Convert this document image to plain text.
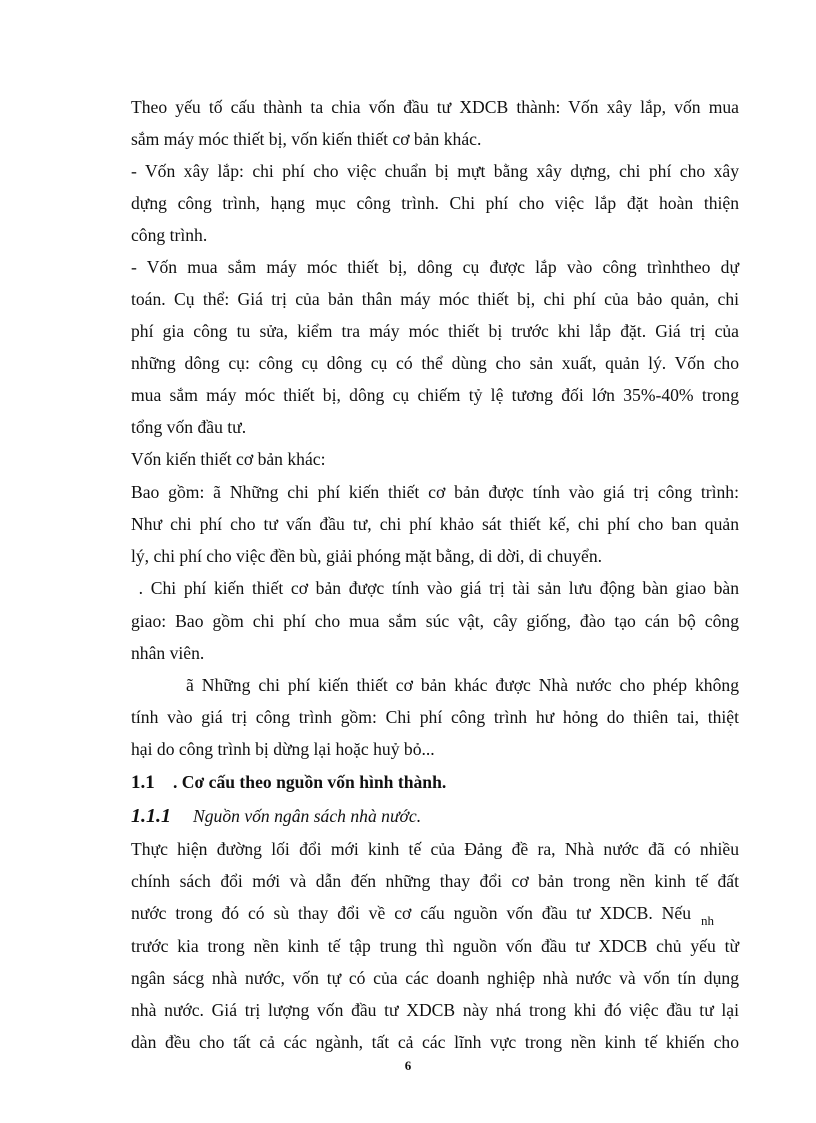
Theo yếu tố cấu thành ta chia vốn đầu tư XDCB thành: Vốn xây lắp, vốn mua
sắm máy móc thiết bị, vốn kiến thiết cơ bản khác.
- Vốn xây lắp: chi phí cho việc chuẩn bị mựt bằng xây dựng, chi phí cho xây
dựng công trình, hạng mục công trình. Chi phí cho việc lắp đặt hoàn thiện
công trình.
- Vốn mua sắm máy móc thiết bị, dông cụ được lắp vào công trìnhtheo dự
toán. Cụ thể: Giá trị của bản thân máy móc thiết bị, chi phí của bảo quản, chi
phí gia công tu sửa, kiểm tra máy móc thiết bị trước khi lắp đặt. Giá trị của
những dông cụ: công cụ dông cụ có thể dùng cho sản xuất, quản lý. Vốn cho
mua sắm máy móc thiết bị, dông cụ chiếm tỷ lệ tương đối lớn 35%-40% trong
tổng vốn đầu tư.
Vốn kiến thiết cơ bản khác:
Bao gồm: ã Những chi phí kiến thiết cơ bản được tính vào giá trị công trình:
Như chi phí cho tư vấn đầu tư, chi phí khảo sát thiết kế, chi phí cho ban quản
lý, chi phí cho việc đền bù, giải phóng mặt bằng, di dời, di chuyển.
. Chi phí kiến thiết cơ bản được tính vào giá trị tài sản lưu động bàn giao bàn
giao: Bao gồm chi phí cho mua sắm súc vật, cây giống, đào tạo cán bộ công
nhân viên.
ã Những chi phí kiến thiết cơ bản khác được Nhà nước cho phép không
tính vào giá trị công trình gồm: Chi phí công trình hư hỏng do thiên tai, thiệt
hại do công trình bị dừng lại hoặc huỷ bỏ...
1.1 . Cơ cấu theo nguồn vốn hình thành.
1.1.1 Nguồn vốn ngân sách nhà nước.
Thực hiện đường lối đổi mới kinh tế của Đảng đề ra, Nhà nước đã có nhiều
chính sách đổi mới và dẫn đến những thay đổi cơ bản trong nền kinh tế đất
nước trong đó có sù thay đổi về cơ cấu nguồn vốn đầu tư XDCB. Nếu $_{nh}$
trước kia trong nền kinh tế tập trung thì nguồn vốn đầu tư XDCB chủ yếu từ
ngân sácg nhà nước, vốn tự có của các doanh nghiệp nhà nước và vốn tín dụng
nhà nước. Giá trị lượng vốn đầu tư XDCB này nhá trong khi đó việc đầu tư lại
dàn đều cho tất cả các ngành, tất cả các lĩnh vực trong nền kinh tế khiến cho
6
